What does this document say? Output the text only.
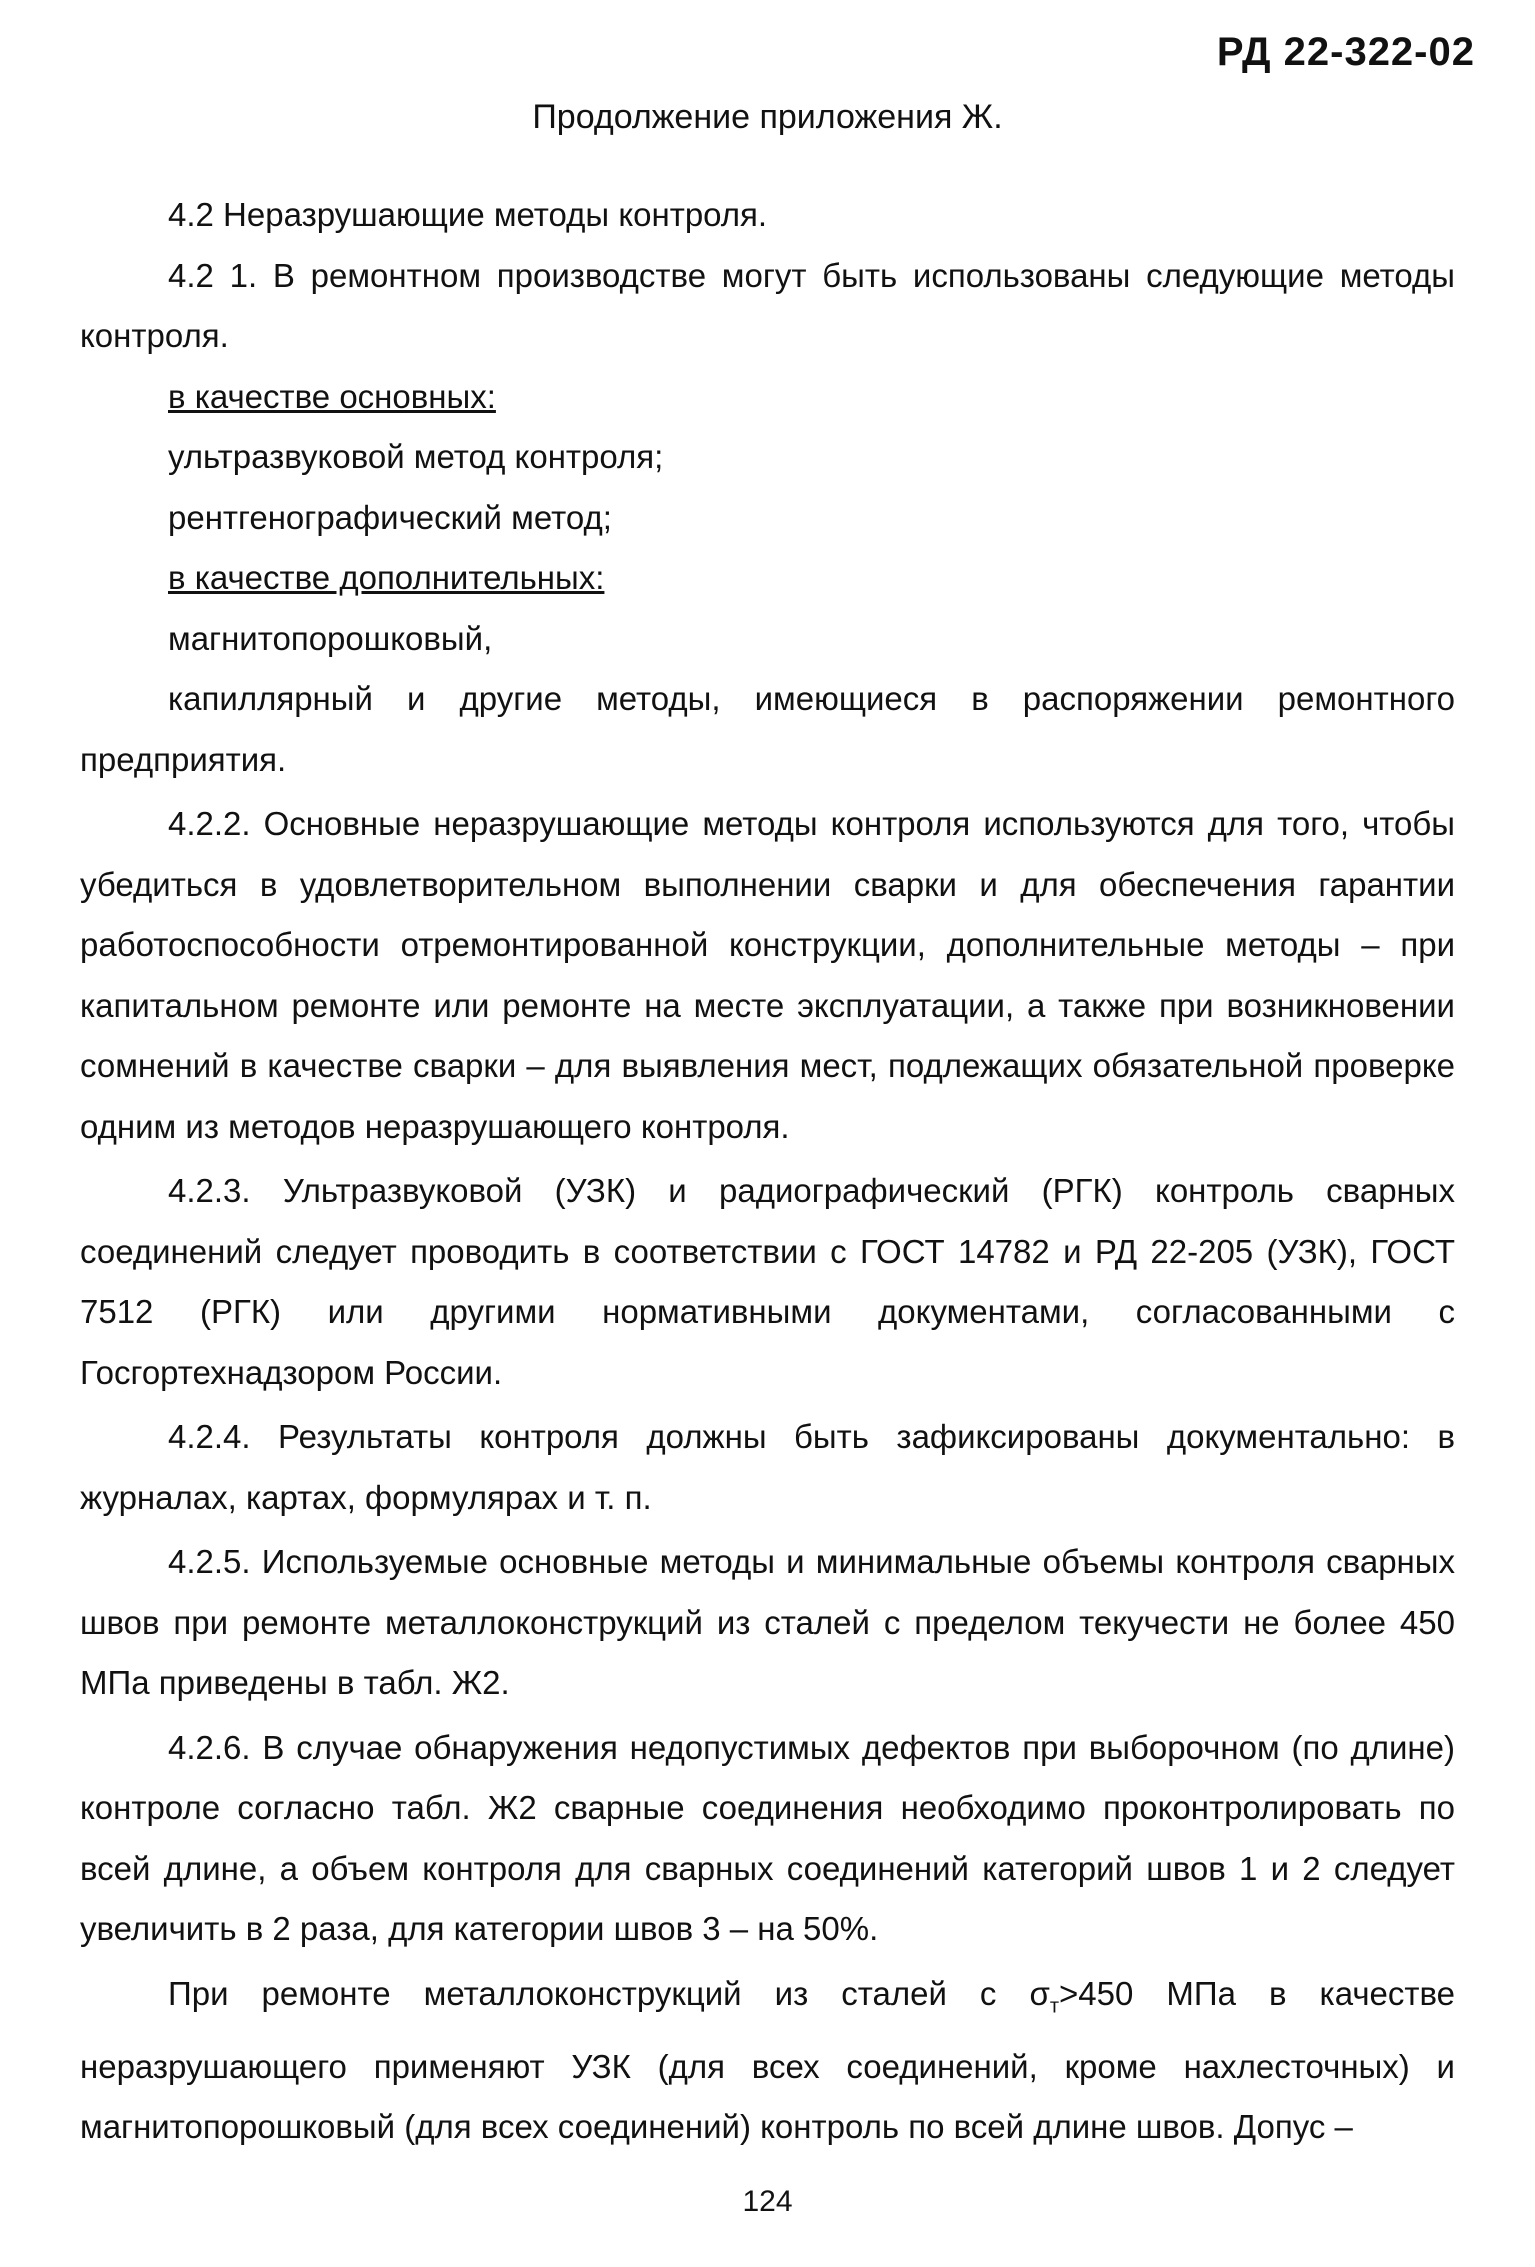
РД 22-322-02
Продолжение приложения Ж.

4.2 Неразрушающие методы контроля.

4.2 1. В ремонтном производстве могут быть использованы следующие методы контроля.

в качестве основных:

ультразвуковой метод контроля;

рентгенографический метод;

в качестве дополнительных:

магнитопорошковый,

капиллярный и другие методы, имеющиеся в распоряжении ремонтного предприятия.

4.2.2. Основные неразрушающие методы контроля используются для того, чтобы убедиться в удовлетворительном выполнении сварки и для обеспечения гарантии работоспособности отремонтированной конструкции, дополнительные методы – при капитальном ремонте или ремонте на месте эксплуатации, а также при возникновении сомнений в качестве сварки – для выявления мест, подлежащих обязательной проверке одним из методов неразрушающего контроля.

4.2.3. Ультразвуковой (УЗК) и радиографический (РГК) контроль сварных соединений следует проводить в соответствии с ГОСТ 14782 и РД 22-205 (УЗК), ГОСТ 7512 (РГК) или другими нормативными документами, согласованными с Госгортехнадзором России.

4.2.4. Результаты контроля должны быть зафиксированы документально: в журналах, картах, формулярах и т. п.

4.2.5. Используемые основные методы и минимальные объемы контроля сварных швов при ремонте металлоконструкций из сталей с пределом текучести не более 450 МПа приведены в табл. Ж2.

4.2.6. В случае обнаружения недопустимых дефектов при выборочном (по длине) контроле согласно табл. Ж2 сварные соединения необходимо проконтролировать по всей длине, а объем контроля для сварных соединений категорий швов 1 и 2 следует увеличить в 2 раза, для категории швов 3 – на 50%.

При ремонте металлоконструкций из сталей с $\sigma_т>450$ МПа в качестве неразрушающего применяют УЗК (для всех соединений, кроме нахлесточных) и магнитопорошковый (для всех соединений) контроль по всей длине швов. Допус –

124
